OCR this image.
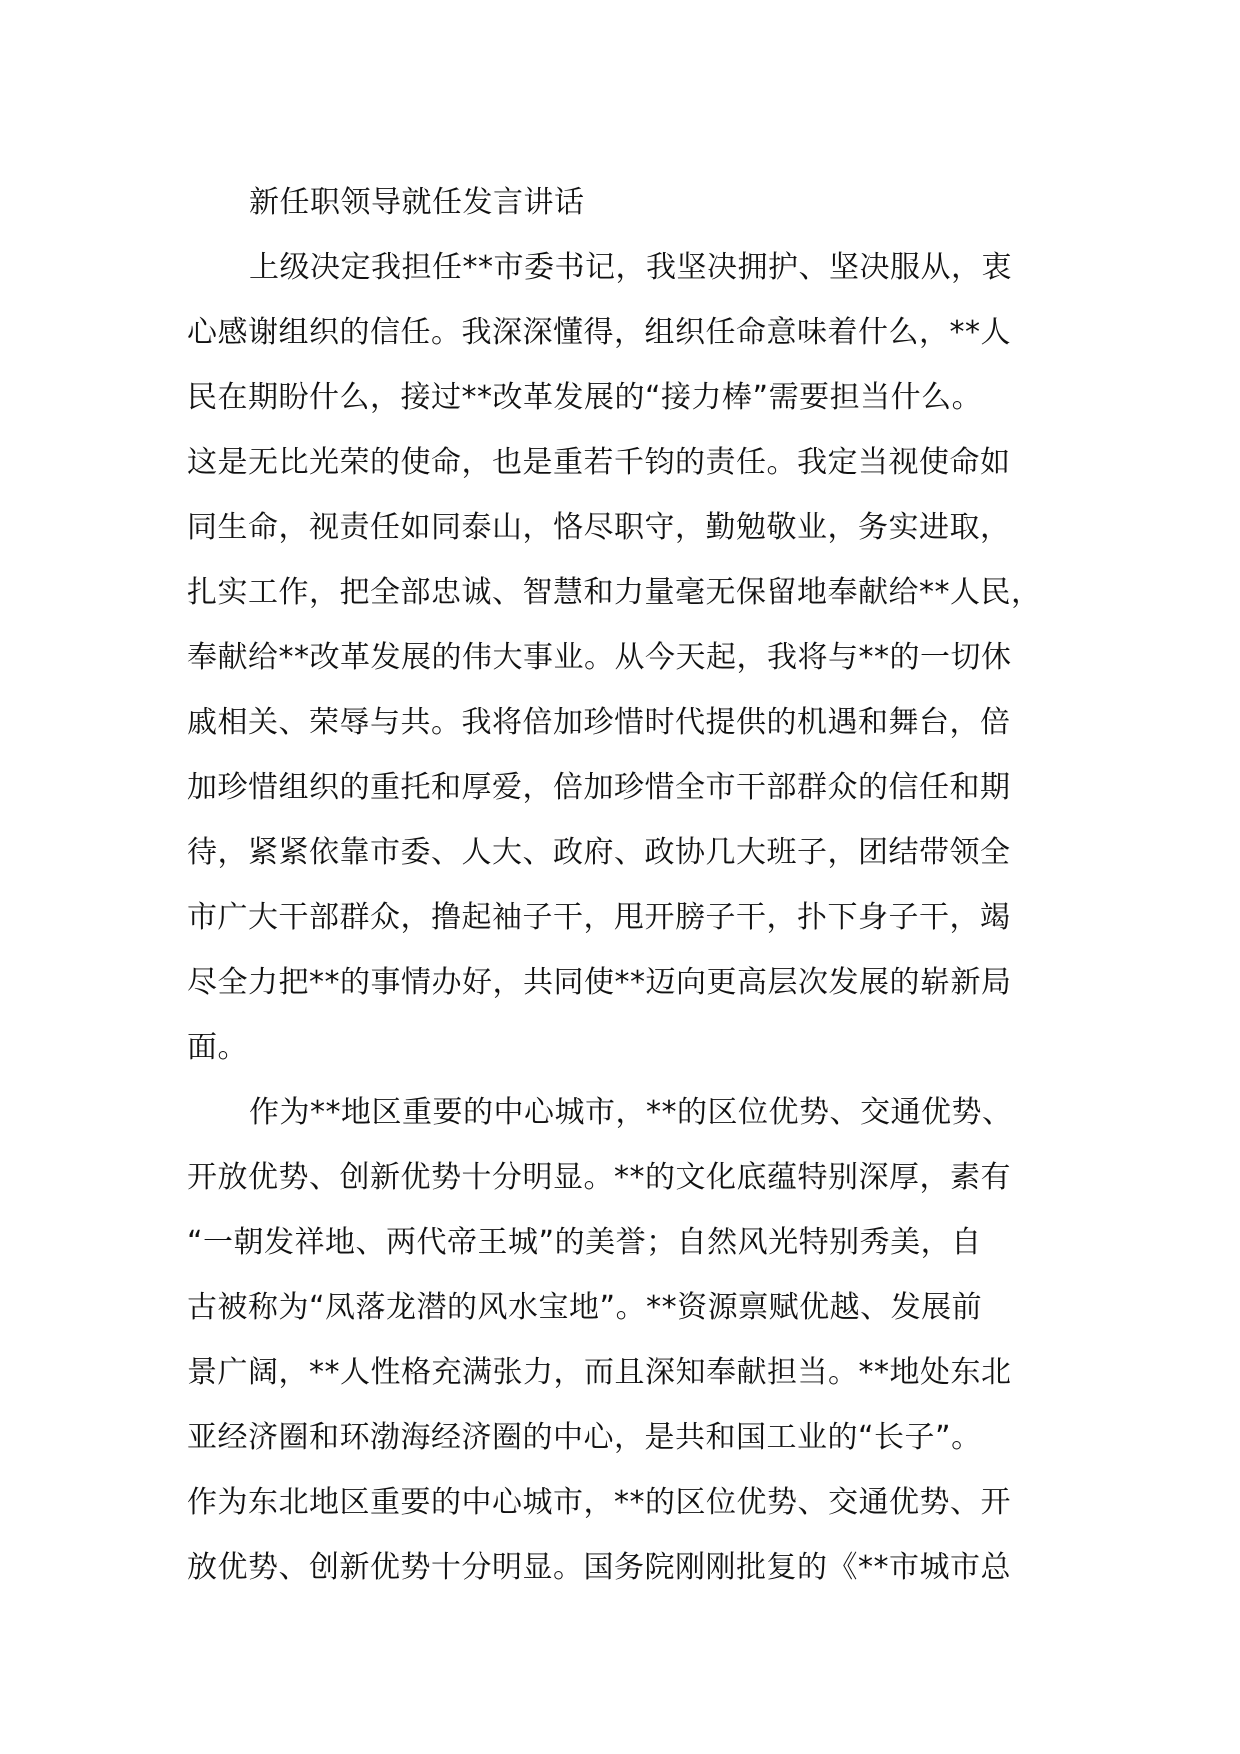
新任职领导就任发言讲话

上级决定我担任**市委书记，我坚决拥护、坚决服从，衷
心感谢组织的信任。我深深懂得，组织任命意味着什么，**人
民在期盼什么，接过**改革发展的“接力棒”需要担当什么。
这是无比光荣的使命，也是重若千钧的责任。我定当视使命如
同生命，视责任如同泰山，恪尽职守，勤勉敬业，务实进取，
扎实工作，把全部忠诚、智慧和力量毫无保留地奉献给**人民，
奉献给**改革发展的伟大事业。从今天起，我将与**的一切休
戚相关、荣辱与共。我将倍加珍惜时代提供的机遇和舞台，倍
加珍惜组织的重托和厚爱，倍加珍惜全市干部群众的信任和期
待，紧紧依靠市委、人大、政府、政协几大班子，团结带领全
市广大干部群众，撸起袖子干，甩开膀子干，扑下身子干，竭
尽全力把**的事情办好，共同使**迈向更高层次发展的崭新局
面。

作为**地区重要的中心城市，**的区位优势、交通优势、
开放优势、创新优势十分明显。**的文化底蕴特别深厚，素有
“一朝发祥地、两代帝王城”的美誉；自然风光特别秀美，自
古被称为“凤落龙潜的风水宝地”。**资源禀赋优越、发展前
景广阔，**人性格充满张力，而且深知奉献担当。**地处东北
亚经济圈和环渤海经济圈的中心，是共和国工业的“长子”。
作为东北地区重要的中心城市，**的区位优势、交通优势、开
放优势、创新优势十分明显。国务院刚刚批复的《**市城市总
